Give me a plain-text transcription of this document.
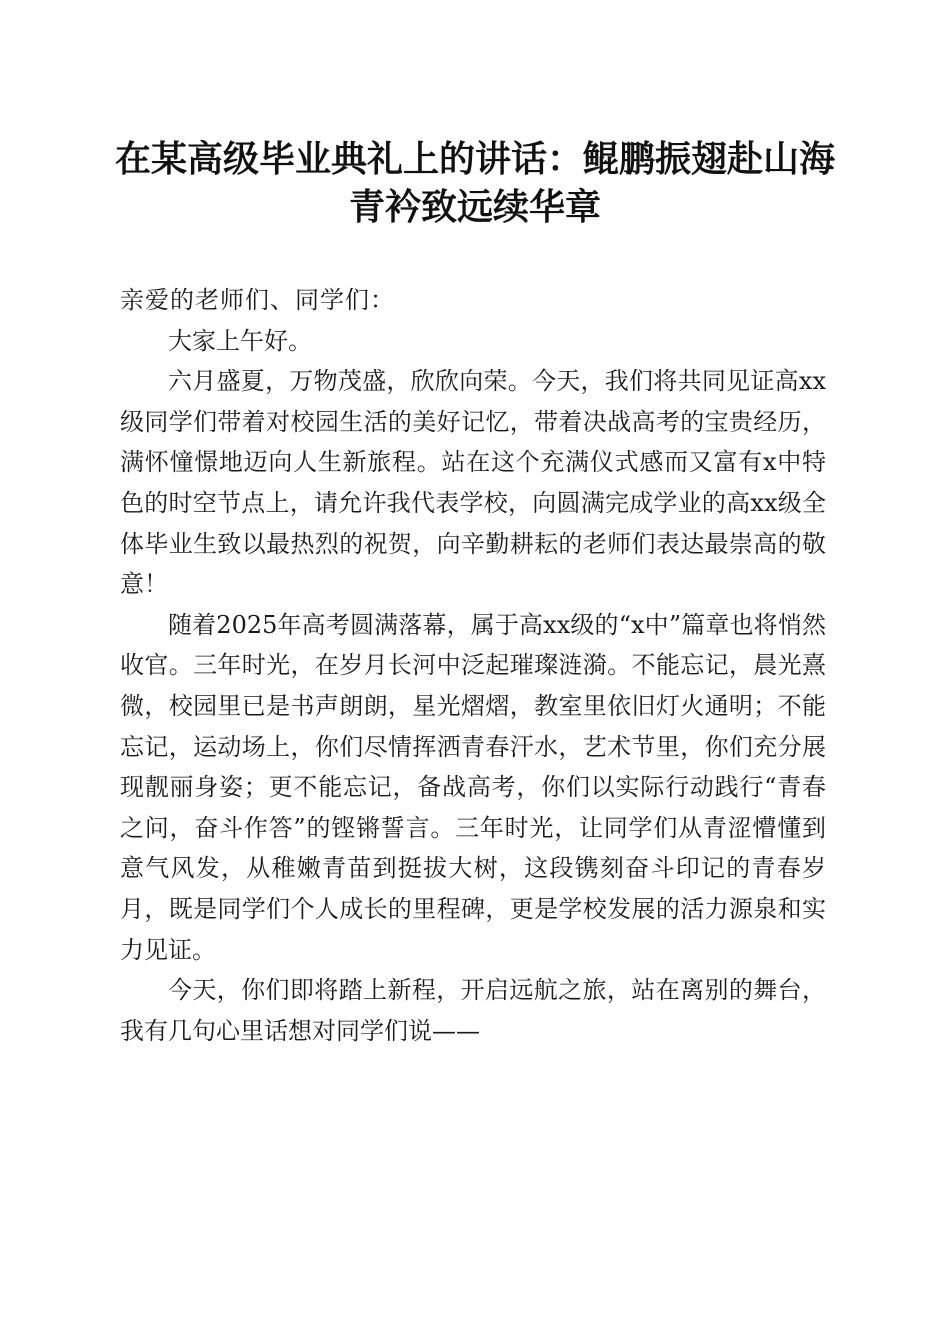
在某高级毕业典礼上的讲话：鲲鹏振翅赴山海
青衿致远续华章

亲爱的老师们、同学们：

大家上午好。

六月盛夏，万物茂盛，欣欣向荣。今天，我们将共同见证高xx级同学们带着对校园生活的美好记忆，带着决战高考的宝贵经历，满怀憧憬地迈向人生新旅程。站在这个充满仪式感而又富有x中特色的时空节点上，请允许我代表学校，向圆满完成学业的高xx级全体毕业生致以最热烈的祝贺，向辛勤耕耘的老师们表达最崇高的敬意！

随着2025年高考圆满落幕，属于高xx级的“x中”篇章也将悄然收官。三年时光，在岁月长河中泛起璀璨涟漪。不能忘记，晨光熹微，校园里已是书声朗朗，星光熠熠，教室里依旧灯火通明；不能忘记，运动场上，你们尽情挥洒青春汗水，艺术节里，你们充分展现靓丽身姿；更不能忘记，备战高考，你们以实际行动践行“青春之问，奋斗作答”的铿锵誓言。三年时光，让同学们从青涩懵懂到意气风发，从稚嫩青苗到挺拔大树，这段镌刻奋斗印记的青春岁月，既是同学们个人成长的里程碑，更是学校发展的活力源泉和实力见证。

今天，你们即将踏上新程，开启远航之旅，站在离别的舞台，我有几句心里话想对同学们说——
